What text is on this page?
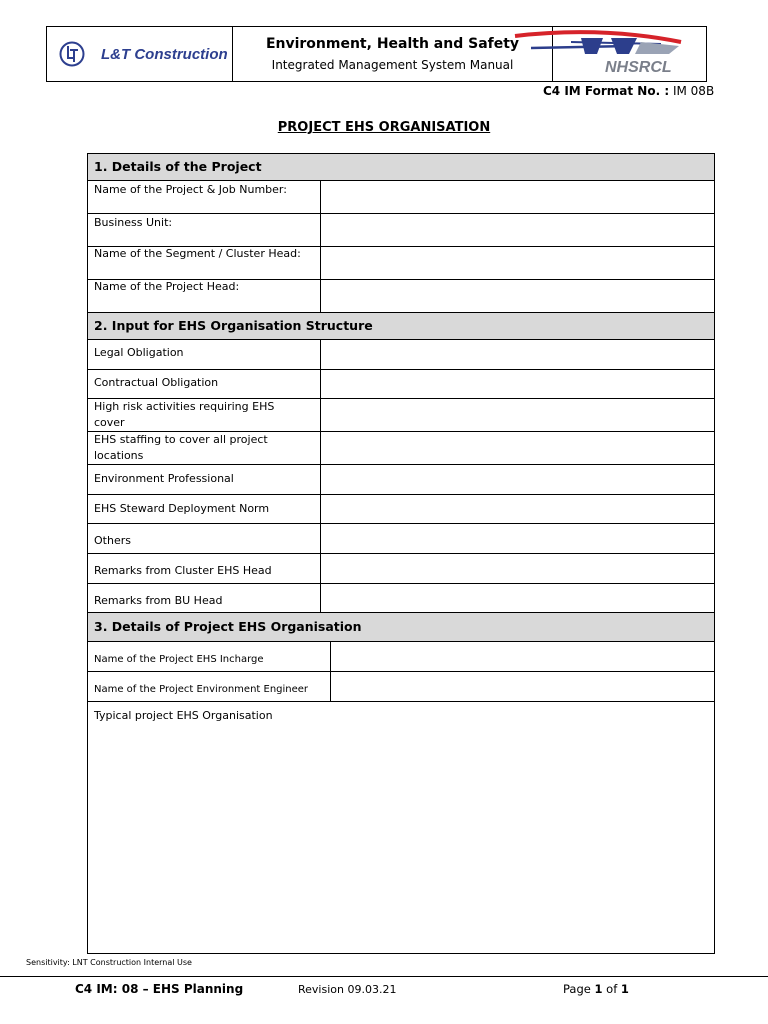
L&T Construction
Environment, Health and Safety
Integrated Management System Manual	NHSRCL
C4 IM Format No. : IM 08B
PROJECT EHS ORGANISATION
1. Details of the Project
Name of the Project & Job Number:
Business Unit:
Name of the Segment / Cluster Head:
Name of the Project Head:
2. Input for EHS Organisation Structure
Legal Obligation
Contractual Obligation
High risk activities requiring EHS cover
EHS staffing to cover all project locations
Environment Professional
EHS Steward Deployment Norm
Others
Remarks from Cluster EHS Head
Remarks from BU Head
3. Details of Project EHS Organisation
Name of the Project EHS Incharge
Name of the Project Environment Engineer
Typical project EHS Organisation
Sensitivity: LNT Construction Internal Use
C4 IM: 08 – EHS Planning	Revision 09.03.21	Page 1 of 1
